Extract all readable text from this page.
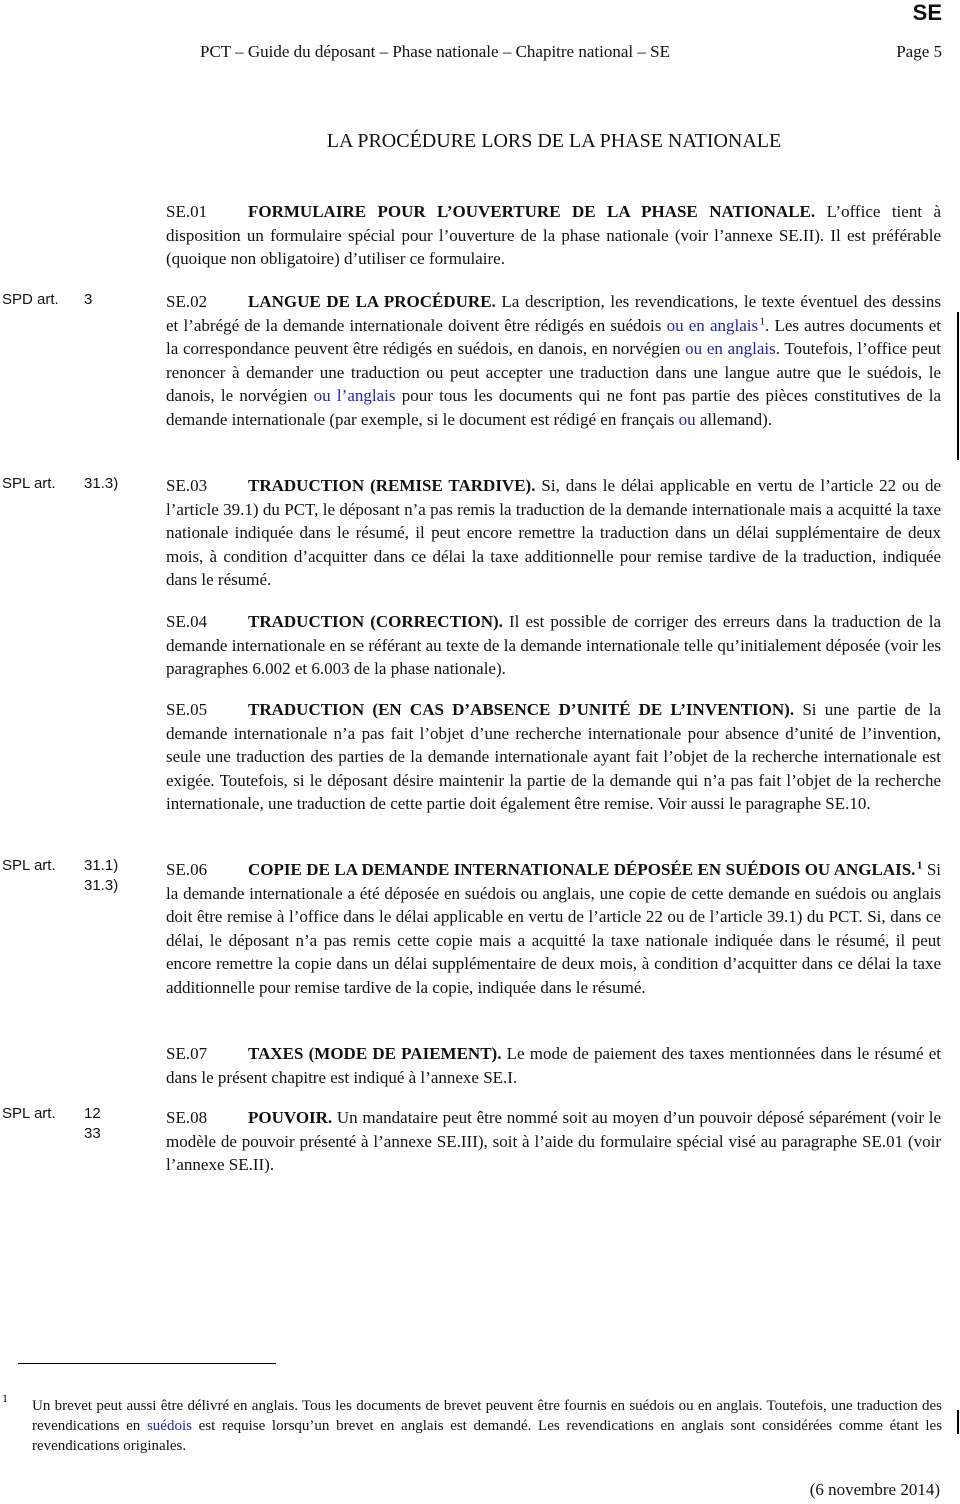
SE
PCT – Guide du déposant – Phase nationale – Chapitre national – SE	Page 5
LA PROCÉDURE LORS DE LA PHASE NATIONALE
SPD art. 3
SPL art. 31.3)
SPL art. 31.1)
31.3)
SPL art. 12
33
SE.01 FORMULAIRE POUR L’OUVERTURE DE LA PHASE NATIONALE. L’office tient à disposition un formulaire spécial pour l’ouverture de la phase nationale (voir l’annexe SE.II). Il est préférable (quoique non obligatoire) d’utiliser ce formulaire.
SE.02 LANGUE DE LA PROCÉDURE. La description, les revendications, le texte éventuel des dessins et l’abrégé de la demande internationale doivent être rédigés en suédois ou en anglais $^1$. Les autres documents et la correspondance peuvent être rédigés en suédois, en danois, en norvégien ou en anglais. Toutefois, l’office peut renoncer à demander une traduction ou peut accepter une traduction dans une langue autre que le suédois, le danois, le norvégien ou l’anglais pour tous les documents qui ne font pas partie des pièces constitutives de la demande internationale (par exemple, si le document est rédigé en français ou allemand).
SE.03 TRADUCTION (REMISE TARDIVE). Si, dans le délai applicable en vertu de l’article 22 ou de l’article 39.1) du PCT, le déposant n’a pas remis la traduction de la demande internationale mais a acquitté la taxe nationale indiquée dans le résumé, il peut encore remettre la traduction dans un délai supplémentaire de deux mois, à condition d’acquitter dans ce délai la taxe additionnelle pour remise tardive de la traduction, indiquée dans le résumé.
SE.04 TRADUCTION (CORRECTION). Il est possible de corriger des erreurs dans la traduction de la demande internationale en se référant au texte de la demande internationale telle qu’initialement déposée (voir les paragraphes 6.002 et 6.003 de la phase nationale).
SE.05 TRADUCTION (EN CAS D’ABSENCE D’UNITÉ DE L’INVENTION). Si une partie de la demande internationale n’a pas fait l’objet d’une recherche internationale pour absence d’unité de l’invention, seule une traduction des parties de la demande internationale ayant fait l’objet de la recherche internationale est exigée. Toutefois, si le déposant désire maintenir la partie de la demande qui n’a pas fait l’objet de la recherche internationale, une traduction de cette partie doit également être remise. Voir aussi le paragraphe SE.10.
SE.06 COPIE DE LA DEMANDE INTERNATIONALE DÉPOSÉE EN SUÉDOIS OU ANGLAIS. $^1$ Si la demande internationale a été déposée en suédois ou anglais, une copie de cette demande en suédois ou anglais doit être remise à l’office dans le délai applicable en vertu de l’article 22 ou de l’article 39.1) du PCT. Si, dans ce délai, le déposant n’a pas remis cette copie mais a acquitté la taxe nationale indiquée dans le résumé, il peut encore remettre la copie dans un délai supplémentaire de deux mois, à condition d’acquitter dans ce délai la taxe additionnelle pour remise tardive de la copie, indiquée dans le résumé.
SE.07 TAXES (MODE DE PAIEMENT). Le mode de paiement des taxes mentionnées dans le résumé et dans le présent chapitre est indiqué à l’annexe SE.I.
SE.08 POUVOIR. Un mandataire peut être nommé soit au moyen d’un pouvoir déposé séparément (voir le modèle de pouvoir présenté à l’annexe SE.III), soit à l’aide du formulaire spécial visé au paragraphe SE.01 (voir l’annexe SE.II).
1 Un brevet peut aussi être délivré en anglais. Tous les documents de brevet peuvent être fournis en suédois ou en anglais. Toutefois, une traduction des revendications en suédois est requise lorsqu’un brevet en anglais est demandé. Les revendications en anglais sont considérées comme étant les revendications originales.
(6 novembre 2014)
